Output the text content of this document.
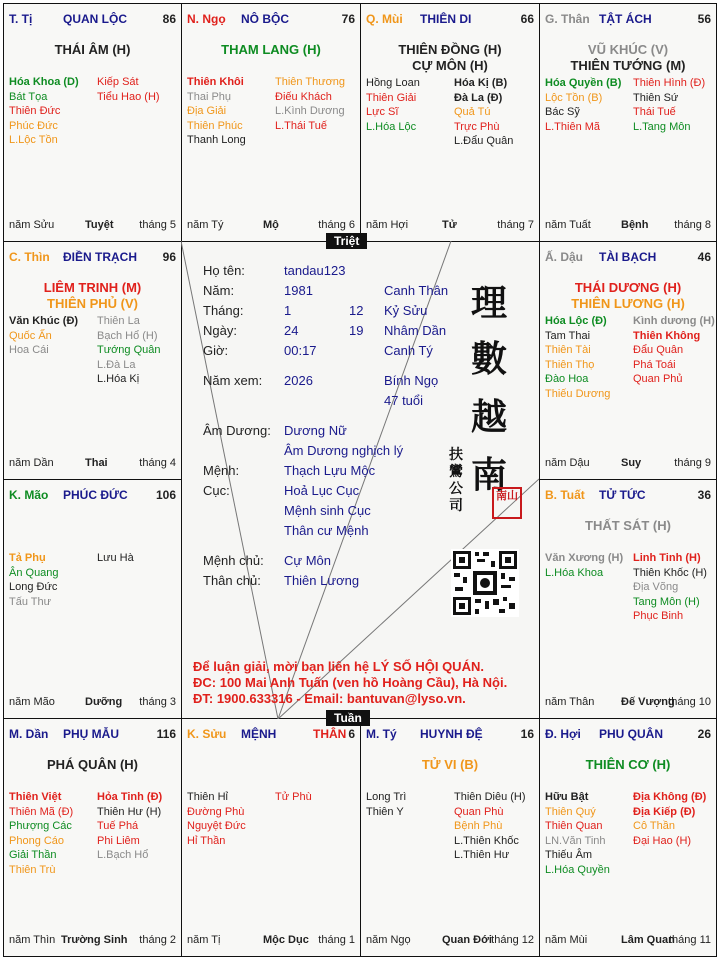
T. Tị	QUAN LỘC	86
THÁI ÂM (H)
Hóa Khoa (D)
Bát Tọa
Thiên Đức
Phúc Đức
L.Lộc Tồn
Kiếp Sát
Tiểu Hao (H)
năm Sửu	Tuyệt tháng 5
N. Ngọ NÔ BỘC	76
THAM LANG (H)
Thiên Khôi
Thai Phụ
Địa Giải
Thiên Phúc
Thanh Long
Thiên Thương
Điếu Khách
L.Kình Dương
L.Thái Tuế
năm Tý	Mộ	tháng 6
Q. Mùi THIÊN DI	66
THIÊN ĐỒNG (H)
CỰ MÔN (H)
Hồng Loan
Thiên Giải
Lực Sĩ
L.Hóa Lộc
Hóa Kị (B)
Đà La (Đ)
Quả Tú
Trực Phù
L.Đẩu Quân
năm Hợi	Tử	tháng 7
G. Thân TẬT ÁCH	56
VŨ KHÚC (V)
THIÊN TƯỚNG (M)
Hóa Quyền (B)
Lộc Tồn (B)
Bác Sỹ
L.Thiên Mã
Thiên Hình (Đ)
Thiên Sứ
Thái Tuế
L.Tang Môn
năm Tuất	Bệnh tháng 8
C. Thìn ĐIỀN TRẠCH 96
LIÊM TRINH (M)
THIÊN PHỦ (V)
Văn Khúc (Đ)
Quốc Ấn
Hoa Cái
Thiên La
Bạch Hổ (H)
Tướng Quân
L.Đà La
L.Hóa Kị
năm Dần	Thai	tháng 4
Ấ. Dậu TÀI BẠCH	46
THÁI DƯƠNG (H)
THIÊN LƯƠNG (H)
Hóa Lộc (Đ)
Tam Thai
Thiên Tài
Thiên Thọ
Đào Hoa
Thiếu Dương
Kình dương (H)
Thiên Không
Đẩu Quân
Phá Toái
Quan Phủ
năm Dậu	Suy	tháng 9
K. Mão PHÚC ĐỨC 106
Tả Phụ
Ân Quang
Long Đức
Tấu Thư
Lưu Hà
năm Mão	Dưỡng tháng 3
B. Tuất TỬ TỨC	36
THẤT SÁT (H)
Văn Xương (H)
L.Hóa Khoa
Linh Tinh (H)
Thiên Khốc (H)
Địa Võng
Tang Môn (H)
Phục Binh
năm Thân Đế Vượng
tháng 10
M. Dần PHỤ MẪU	116
PHÁ QUÂN (H)
Thiên Việt
Thiên Mã (Đ)
Phượng Các
Phong Cáo
Giải Thần
Thiên Trù
Hỏa Tinh (Đ)
Thiên Hư (H)
Tuế Phá
Phi Liêm
L.Bạch Hổ
năm Thìn Trường Sinh tháng 2
K. Sửu MỆNH	THÂN 6
Thiên Hỉ
Đường Phù
Nguyệt Đức
Hỉ Thần
Tử Phù
năm Tị	Mộc Dục tháng 1
M. Tý HUYNH ĐỆ	16
TỬ VI (B)
Long Trì
Thiên Y
Thiên Diêu (H)
Quan Phù
Bệnh Phù
L.Thiên Khốc
L.Thiên Hư
năm Ngọ	Quan Đới tháng 12
Đ. Hợi PHU QUÂN	26
THIÊN CƠ (H)
Hữu Bật
Thiên Quý
Thiên Quan
LN.Văn Tinh
Thiếu Âm
L.Hóa Quyền
Địa Không (Đ)
Địa Kiếp (Đ)
Cô Thần
Đại Hao (H)
năm Mùi	Lâm Quan
tháng 11
Họ tên:	tandau123
Năm:	1981	Canh Thân
Tháng:	1	12 Kỷ Sửu
Ngày:	24	19 Nhâm Dần
Giờ:	00:17	Canh Tý
Năm xem: 2026	Bính Ngọ
47 tuổi
Âm Dương: Dương Nữ
Âm Dương nghịch lý
Mệnh:	Thạch Lựu Mộc
Cục:	Hoả Lục Cục
Mệnh sinh Cục
Thân cư Mệnh
Mệnh chủ: Cự Môn
Thân chủ: Thiên Lương
理
數
越
南
扶鸞公司
南山
Để luận giải, mời bạn liên hệ LÝ SỐ HỘI QUÁN.
ĐC: 100 Mai Anh Tuấn (ven hồ Hoàng Cầu), Hà Nội.
ĐT: 1900.633316 - Email: bantuvan@lyso.vn.
Triệt
Tuần
